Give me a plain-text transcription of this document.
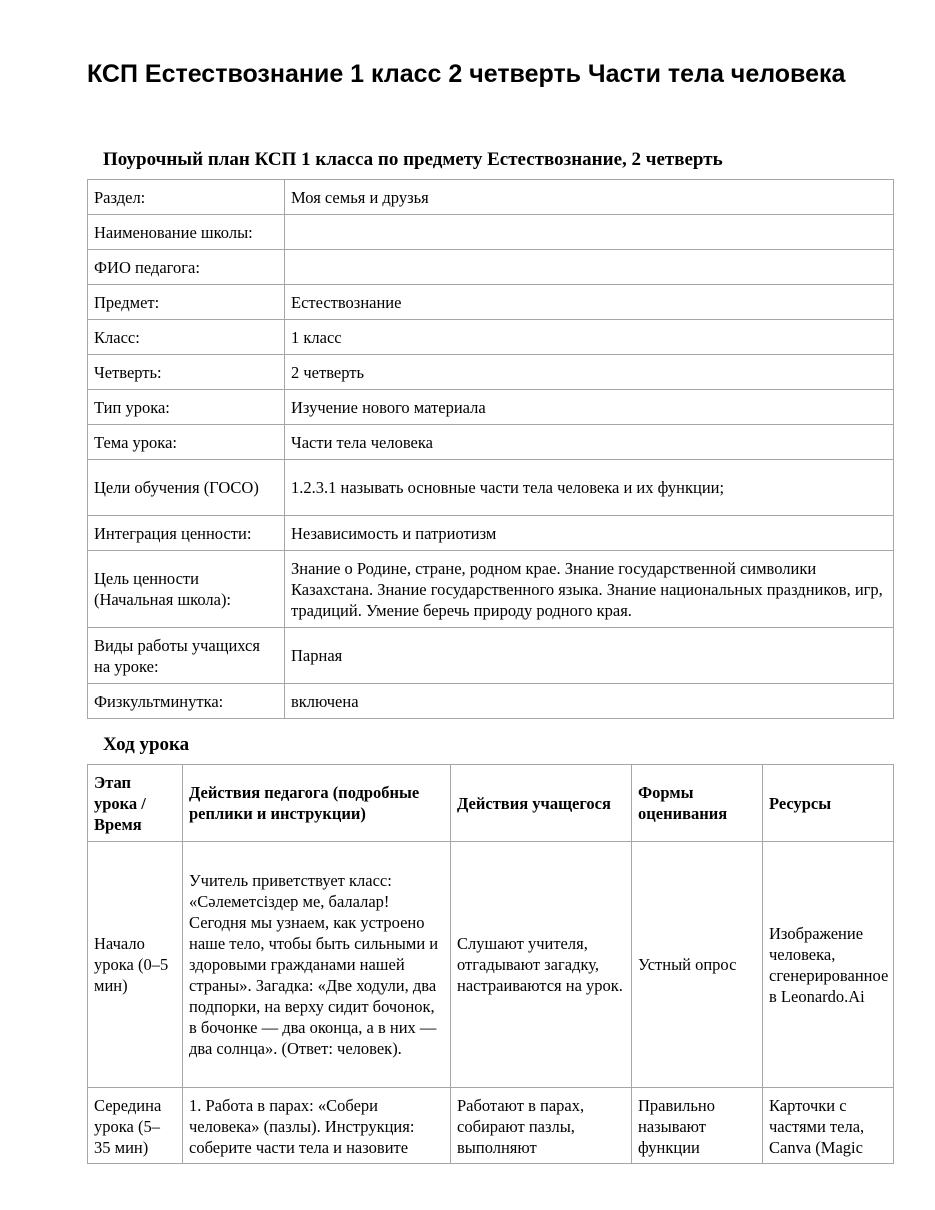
КСП Естествознание 1 класс 2 четверть Части тела человека
Поурочный план КСП 1 класса по предмету Естествознание, 2 четверть
Раздел:	Моя семья и друзья
Наименование школы:	
ФИО педагога:	
Предмет:	Естествознание
Класс:	1 класс
Четверть:	2 четверть
Тип урока:	Изучение нового материала
Тема урока:	Части тела человека
Цели обучения (ГОСО)	1.2.3.1 называть основные части тела человека и их функции;
Интеграция ценности:	Независимость и патриотизм
Цель ценности (Начальная школа):	Знание о Родине, стране, родном крае. Знание государственной символики Казахстана. Знание государственного языка. Знание национальных праздников, игр, традиций. Умение беречь природу родного края.
Виды работы учащихся на уроке:	Парная
Физкультминутка:	включена
Ход урока
Этап урока / Время	Действия педагога (подробные реплики и инструкции)	Действия учащегося	Формы оценивания	Ресурсы
Начало урока (0–5 мин)	Учитель приветствует класс: «Сәлеметсіздер ме, балалар! Сегодня мы узнаем, как устроено наше тело, чтобы быть сильными и здоровыми гражданами нашей страны». Загадка: «Две ходули, два подпорки, на верху сидит бочонок, в бочонке — два оконца, а в них — два солнца». (Ответ: человек).	Слушают учителя, отгадывают загадку, настраиваются на урок.	Устный опрос	Изображение человека, сгенерированное в Leonardo.Ai

Середина урока (5–35 мин)	1. Работа в парах: «Собери человека» (пазлы). Инструкция: соберите части тела и назовите	Работают в парах, собирают пазлы, выполняют	Правильно называют функции	Карточки с частями тела, Canva (Magic
